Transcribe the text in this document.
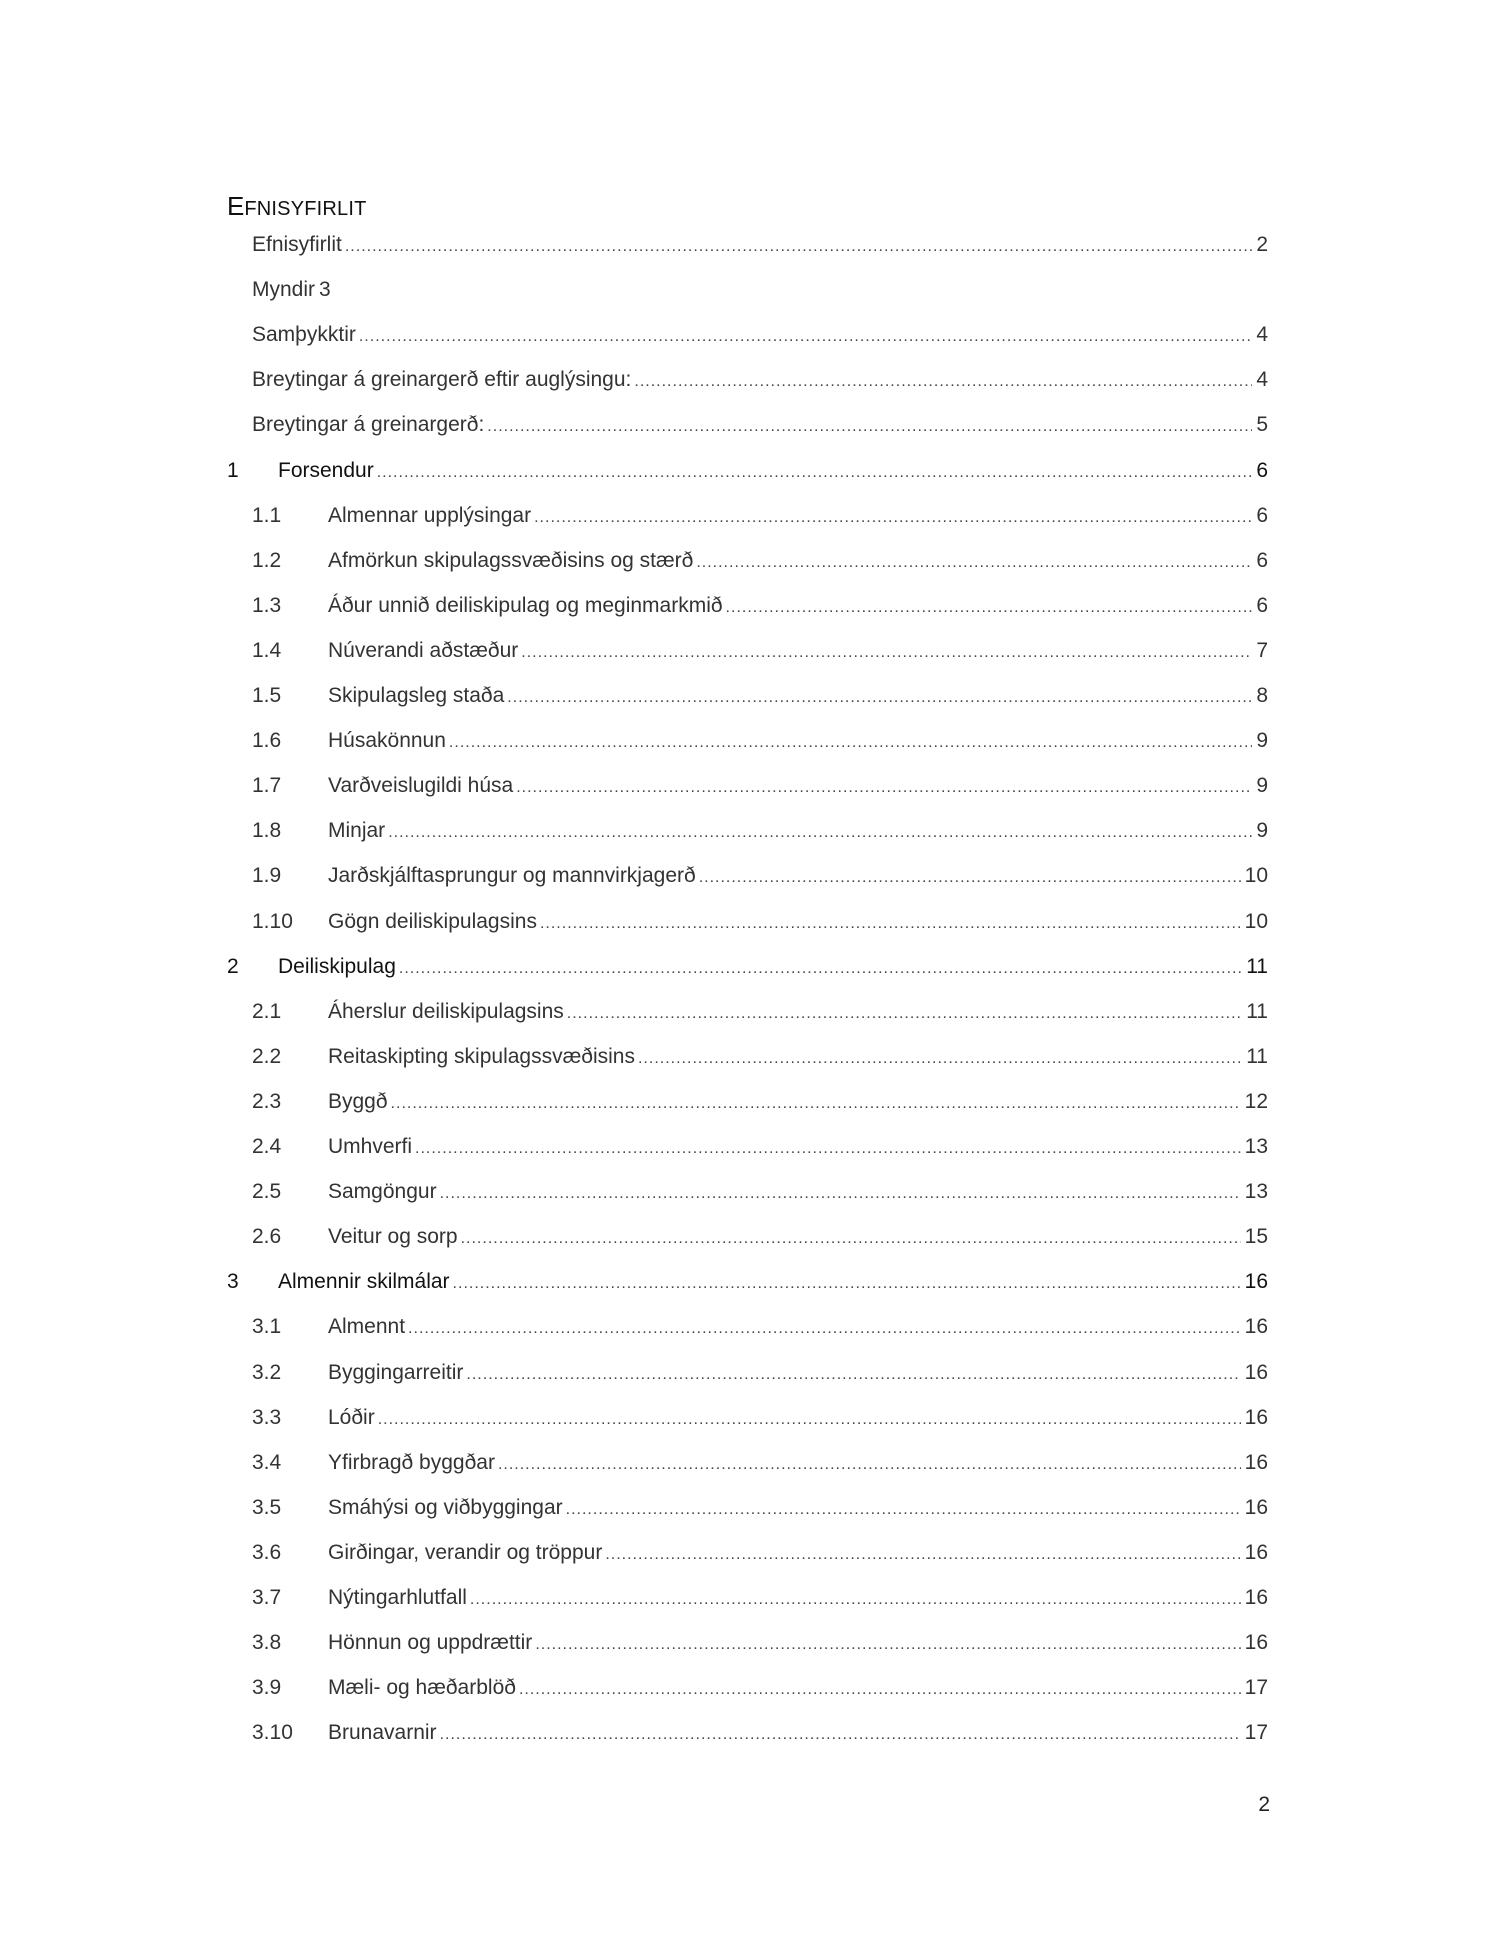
EFNISYFIRLIT
Efnisyfirlit .....	2
Myndir 3
Samþykktir .....	4
Breytingar á greinargerð eftir auglýsingu: .....	4
Breytingar á greinargerð: .....	5
1	Forsendur .....	6
1.1	Almennar upplýsingar .....	6
1.2	Afmörkun skipulagssvæðisins og stærð .....	6
1.3	Áður unnið deiliskipulag og meginmarkmið .....	6
1.4	Núverandi aðstæður .....	7
1.5	Skipulagsleg staða .....	8
1.6	Húsakönnun .....	9
1.7	Varðveislugildi húsa .....	9
1.8	Minjar .....	9
1.9	Jarðskjálftasprungur og mannvirkjagerð .....	10
1.10	Gögn deiliskipulagsins .....	10
2	Deiliskipulag .....	11
2.1	Áherslur deiliskipulagsins .....	11
2.2	Reitaskipting skipulagssvæðisins .....	11
2.3	Byggð .....	12
2.4	Umhverfi .....	13
2.5	Samgöngur .....	13
2.6	Veitur og sorp .....	15
3	Almennir skilmálar .....	16
3.1	Almennt .....	16
3.2	Byggingarreitir .....	16
3.3	Lóðir .....	16
3.4	Yfirbragð byggðar .....	16
3.5	Smáhýsi og viðbyggingar .....	16
3.6	Girðingar, verandir og tröppur .....	16
3.7	Nýtingarhlutfall .....	16
3.8	Hönnun og uppdrættir .....	16
3.9	Mæli- og hæðarblöð .....	17
3.10	Brunavarnir .....	17
2
